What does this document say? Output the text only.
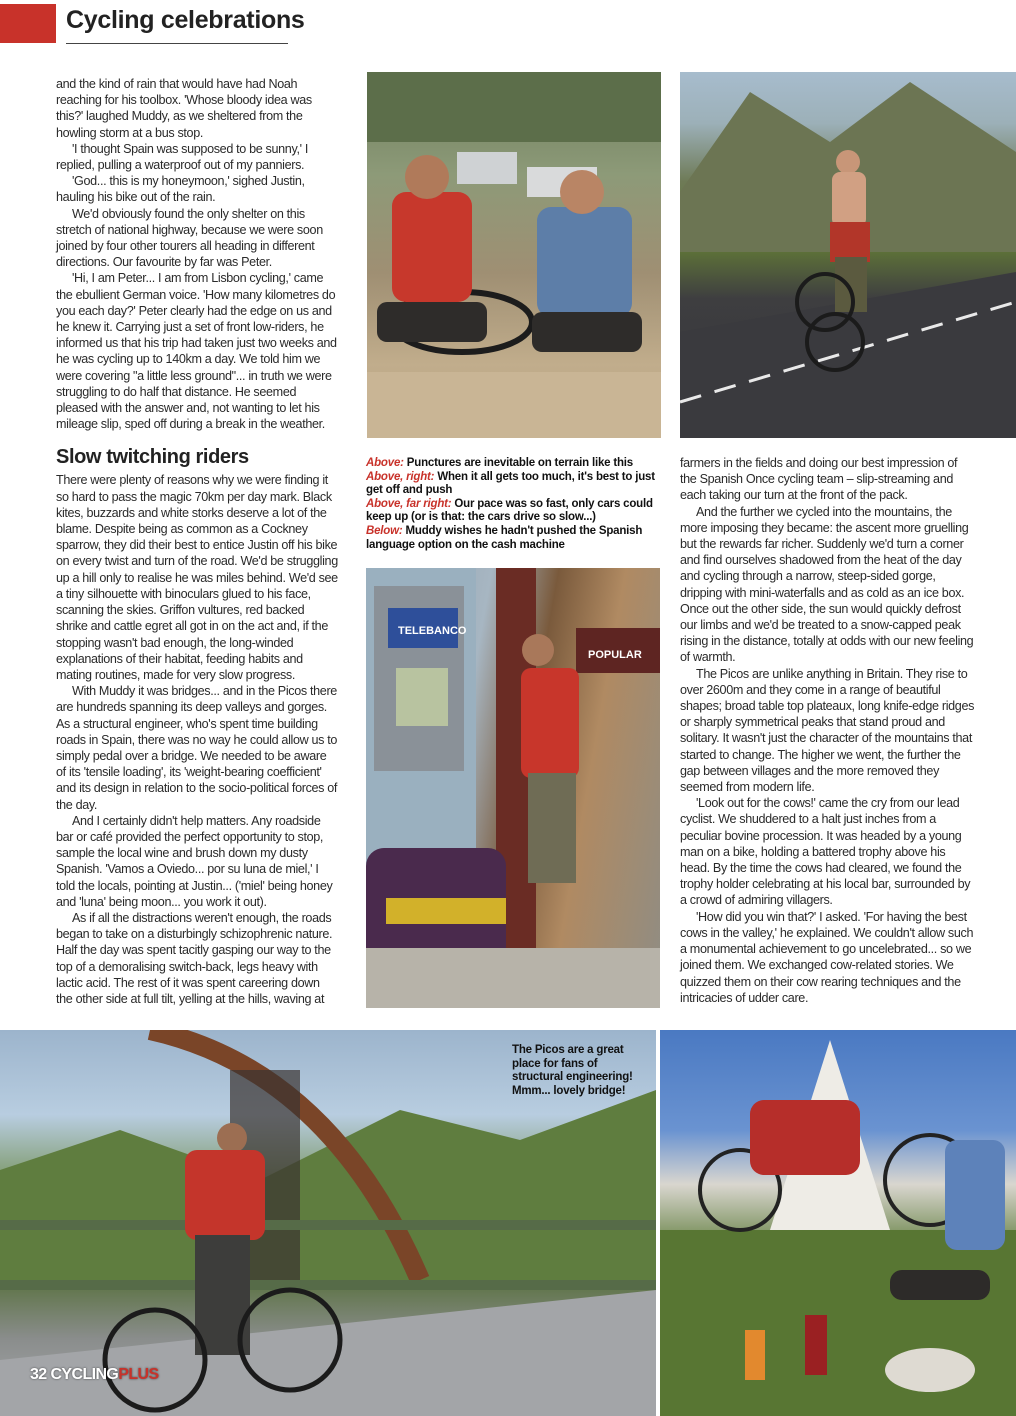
Cycling celebrations

and the kind of rain that would have had Noah reaching for his toolbox. 'Whose bloody idea was this?' laughed Muddy, as we sheltered from the howling storm at a bus stop.

'I thought Spain was supposed to be sunny,' I replied, pulling a waterproof out of my panniers.

'God... this is my honeymoon,' sighed Justin, hauling his bike out of the rain.

We'd obviously found the only shelter on this stretch of national highway, because we were soon joined by four other tourers all heading in different directions. Our favourite by far was Peter.

'Hi, I am Peter... I am from Lisbon cycling,' came the ebullient German voice. 'How many kilometres do you each day?' Peter clearly had the edge on us and he knew it. Carrying just a set of front low-riders, he informed us that his trip had taken just two weeks and he was cycling up to 140km a day. We told him we were covering "a little less ground"... in truth we were struggling to do half that distance. He seemed pleased with the answer and, not wanting to let his mileage slip, sped off during a break in the weather.

Slow twitching riders

There were plenty of reasons why we were finding it so hard to pass the magic 70km per day mark. Black kites, buzzards and white storks deserve a lot of the blame. Despite being as common as a Cockney sparrow, they did their best to entice Justin off his bike on every twist and turn of the road. We'd be struggling up a hill only to realise he was miles behind. We'd see a tiny silhouette with binoculars glued to his face, scanning the skies. Griffon vultures, red backed shrike and cattle egret all got in on the act and, if the stopping wasn't bad enough, the long-winded explanations of their habitat, feeding habits and mating routines, made for very slow progress.

With Muddy it was bridges... and in the Picos there are hundreds spanning its deep valleys and gorges. As a structural engineer, who's spent time building roads in Spain, there was no way he could allow us to simply pedal over a bridge. We needed to be aware of its 'tensile loading', its 'weight-bearing coefficient' and its design in relation to the socio-political forces of the day.

And I certainly didn't help matters. Any roadside bar or café provided the perfect opportunity to stop, sample the local wine and brush down my dusty Spanish. 'Vamos a Oviedo... por su luna de miel,' I told the locals, pointing at Justin... ('miel' being honey and 'luna' being moon... you work it out).

As if all the distractions weren't enough, the roads began to take on a disturbingly schizophrenic nature. Half the day was spent tacitly gasping our way to the top of a demoralising switch-back, legs heavy with lactic acid. The rest of it was spent careering down the other side at full tilt, yelling at the hills, waving at

TELEBANCO
POPULAR
Above: Punctures are inevitable on terrain like this
Above, right: When it all gets too much, it's best to just get off and push
Above, far right: Our pace was so fast, only cars could keep up (or is that: the cars drive so slow...)
Below: Muddy wishes he hadn't pushed the Spanish language option on the cash machine

farmers in the fields and doing our best impression of the Spanish Once cycling team – slip-streaming and each taking our turn at the front of the pack.

And the further we cycled into the mountains, the more imposing they became: the ascent more gruelling but the rewards far richer. Suddenly we'd turn a corner and find ourselves shadowed from the heat of the day and cycling through a narrow, steep-sided gorge, dripping with mini-waterfalls and as cold as an ice box. Once out the other side, the sun would quickly defrost our limbs and we'd be treated to a snow-capped peak rising in the distance, totally at odds with our new feeling of warmth.

The Picos are unlike anything in Britain. They rise to over 2600m and they come in a range of beautiful shapes; broad table top plateaux, long knife-edge ridges or sharply symmetrical peaks that stand proud and solitary. It wasn't just the character of the mountains that started to change. The higher we went, the further the gap between villages and the more removed they seemed from modern life.

'Look out for the cows!' came the cry from our lead cyclist. We shuddered to a halt just inches from a peculiar bovine procession. It was headed by a young man on a bike, holding a battered trophy above his head. By the time the cows had cleared, we found the trophy holder celebrating at his local bar, surrounded by a crowd of admiring villagers.

'How did you win that?' I asked. 'For having the best cows in the valley,' he explained. We couldn't allow such a monumental achievement to go uncelebrated... so we joined them. We exchanged cow-related stories. We quizzed them on their cow rearing techniques and the intricacies of udder care.

The Picos are a great place for fans of structural engineering! Mmm... lovely bridge!
32 CYCLINGPLUS
